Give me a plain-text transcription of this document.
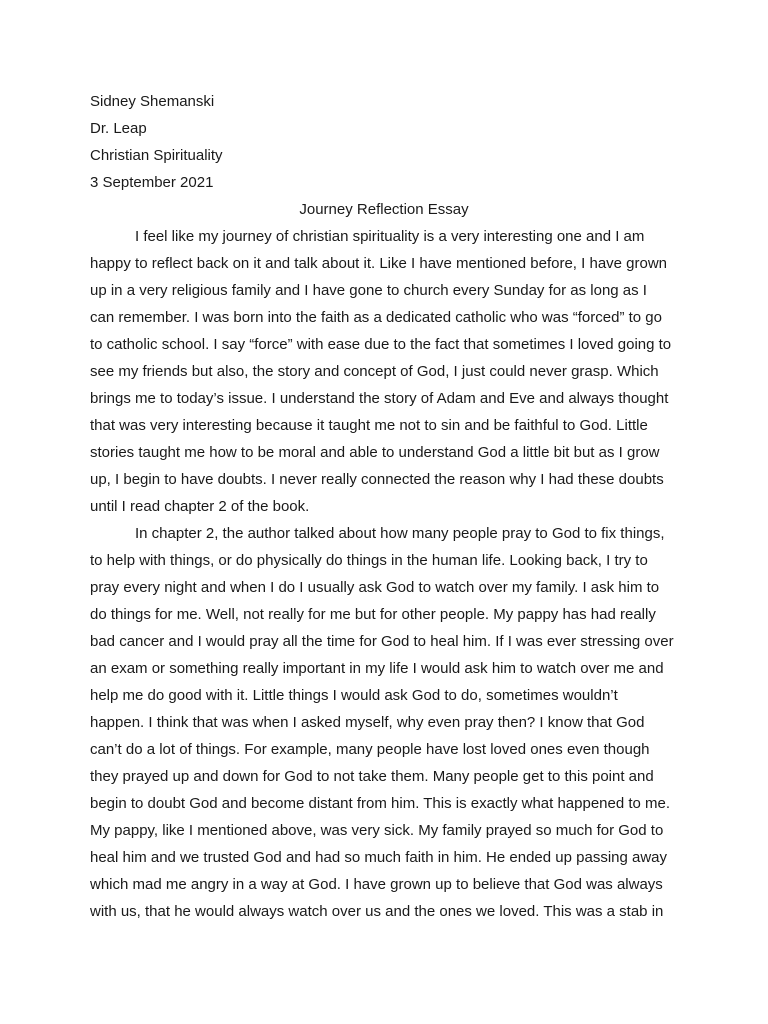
Sidney Shemanski
Dr. Leap
Christian Spirituality
3 September 2021
Journey Reflection Essay
I feel like my journey of christian spirituality is a very interesting one and I am
happy to reflect back on it and talk about it. Like I have mentioned before, I have grown
up in a very religious family and I have gone to church every Sunday for as long as I
can remember. I was born into the faith as a dedicated catholic who was “forced” to go
to catholic school. I say “force” with ease due to the fact that sometimes I loved going to
see my friends but also, the story and concept of God, I just could never grasp. Which
brings me to today’s issue. I understand the story of Adam and Eve and always thought
that was very interesting because it taught me not to sin and be faithful to God. Little
stories taught me how to be moral and able to understand God a little bit but as I grow
up, I begin to have doubts. I never really connected the reason why I had these doubts
until I read chapter 2 of the book.
In chapter 2, the author talked about how many people pray to God to fix things,
to help with things, or do physically do things in the human life. Looking back, I try to
pray every night and when I do I usually ask God to watch over my family. I ask him to
do things for me. Well, not really for me but for other people. My pappy has had really
bad cancer and I would pray all the time for God to heal him. If I was ever stressing over
an exam or something really important in my life I would ask him to watch over me and
help me do good with it. Little things I would ask God to do, sometimes wouldn’t
happen. I think that was when I asked myself, why even pray then? I know that God
can’t do a lot of things. For example, many people have lost loved ones even though
they prayed up and down for God to not take them. Many people get to this point and
begin to doubt God and become distant from him. This is exactly what happened to me.
My pappy, like I mentioned above, was very sick. My family prayed so much for God to
heal him and we trusted God and had so much faith in him. He ended up passing away
which mad me angry in a way at God. I have grown up to believe that God was always
with us, that he would always watch over us and the ones we loved. This was a stab in
